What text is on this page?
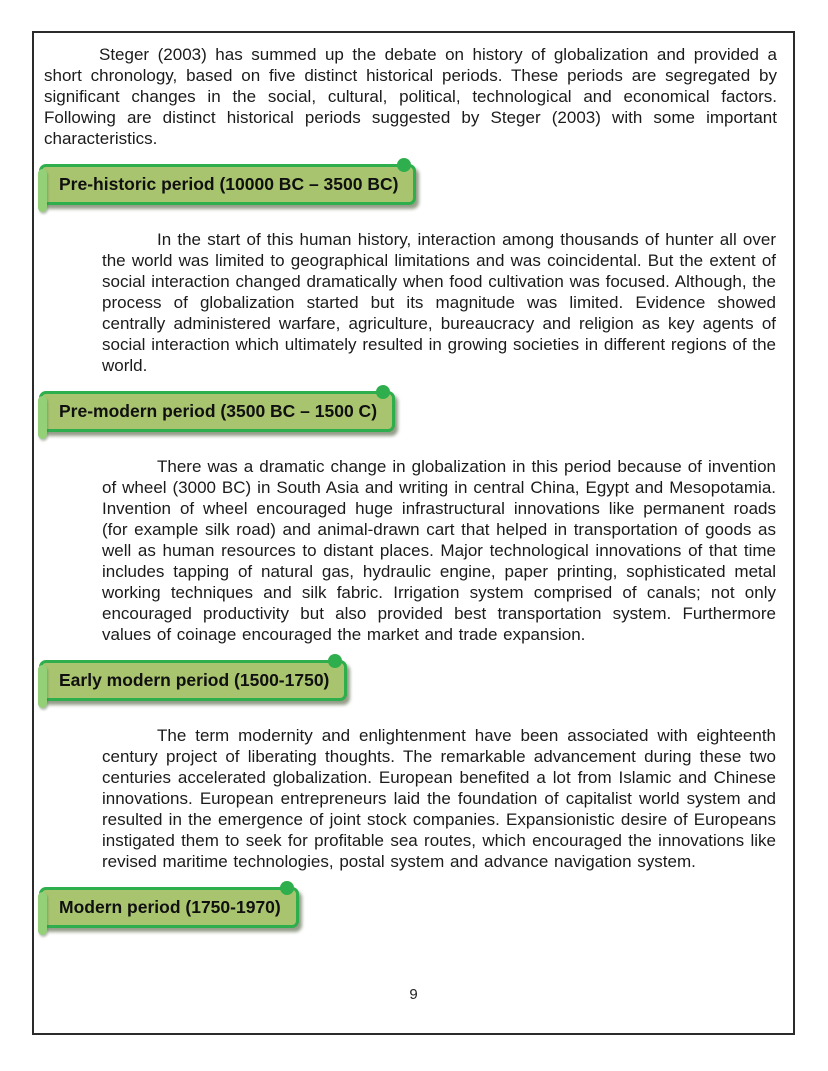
Steger (2003) has summed up the debate on history of globalization and provided a short chronology, based on five distinct historical periods. These periods are segregated by significant changes in the social, cultural, political, technological and economical factors. Following are distinct historical periods suggested by Steger (2003) with some important characteristics.

Pre-historic period (10000 BC – 3500 BC)

In the start of this human history, interaction among thousands of hunter all over the world was limited to geographical limitations and was coincidental. But the extent of social interaction changed dramatically when food cultivation was focused. Although, the process of globalization started but its magnitude was limited. Evidence showed centrally administered warfare, agriculture, bureaucracy and religion as key agents of social interaction which ultimately resulted in growing societies in different regions of the world.

Pre-modern period (3500 BC – 1500 C)

There was a dramatic change in globalization in this period because of invention of wheel (3000 BC) in South Asia and writing in central China, Egypt and Mesopotamia. Invention of wheel encouraged huge infrastructural innovations like permanent roads (for example silk road) and animal-drawn cart that helped in transportation of goods as well as human resources to distant places. Major technological innovations of that time includes tapping of natural gas, hydraulic engine, paper printing, sophisticated metal working techniques and silk fabric. Irrigation system comprised of canals; not only encouraged productivity but also provided best transportation system. Furthermore values of coinage encouraged the market and trade expansion.

Early modern period (1500-1750)

The term modernity and enlightenment have been associated with eighteenth century project of liberating thoughts. The remarkable advancement during these two centuries accelerated globalization. European benefited a lot from Islamic and Chinese innovations. European entrepreneurs laid the foundation of capitalist world system and resulted in the emergence of joint stock companies. Expansionistic desire of Europeans instigated them to seek for profitable sea routes, which encouraged the innovations like revised maritime technologies, postal system and advance navigation system.

Modern period (1750-1970)
9
